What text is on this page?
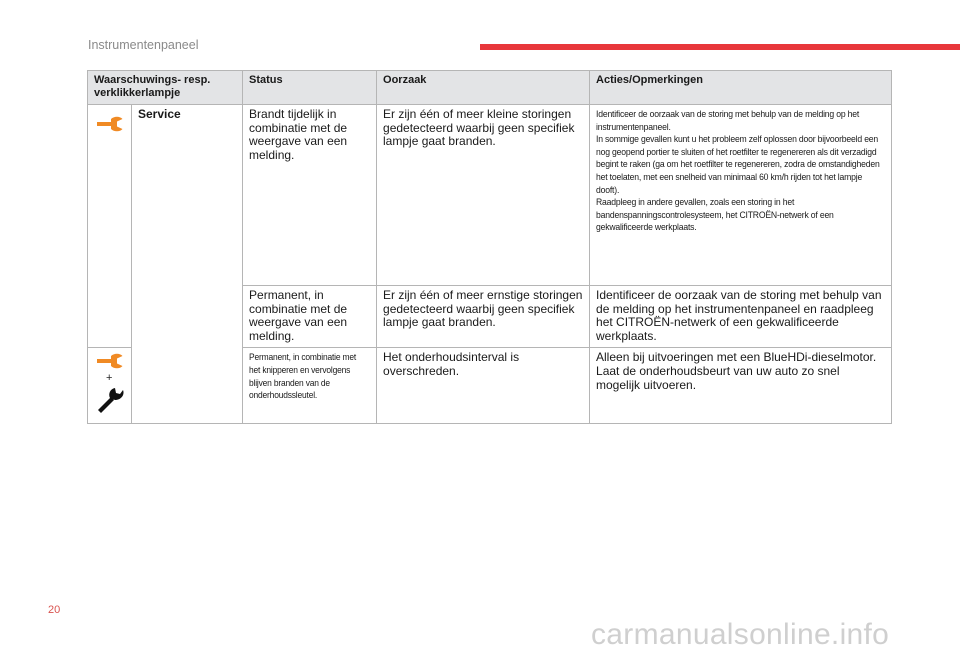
Instrumentenpaneel
Waarschuwings- resp. verklikkerlampje		Status	Oorzaak	Acties/Opmerkingen

	Service	Brandt tijdelijk in combinatie met de weergave van een melding.	Er zijn één of meer kleine storingen gedetecteerd waarbij geen specifiek lampje gaat branden.	Identificeer de oorzaak van de storing met behulp van de melding op het instrumentenpaneel.
In sommige gevallen kunt u het probleem zelf oplossen door bijvoorbeeld een nog geopend portier te sluiten of het roetfilter te regenereren als dit verzadigd begint te raken (ga om het roetfilter te regenereren, zodra de omstandigheden het toelaten, met een snelheid van minimaal 60 km/h rijden tot het lampje dooft).
Raadpleeg in andere gevallen, zoals een storing in het bandenspanningscontrolesysteem, het CITROËN-netwerk of een gekwalificeerde werkplaats.

		Permanent, in combinatie met de weergave van een melding.	Er zijn één of meer ernstige storingen gedetecteerd waarbij geen specifiek lampje gaat branden.	Identificeer de oorzaak van de storing met behulp van de melding op het instrumentenpaneel en raadpleeg het CITROËN-netwerk of een gekwalificeerde werkplaats.

+		Permanent, in combinatie met het knipperen en vervolgens blijven branden van de onderhoudssleutel.	Het onderhoudsinterval is overschreden.	Alleen bij uitvoeringen met een BlueHDi-dieselmotor.
Laat de onderhoudsbeurt van uw auto zo snel mogelijk uitvoeren.
20
carmanualsonline.info
